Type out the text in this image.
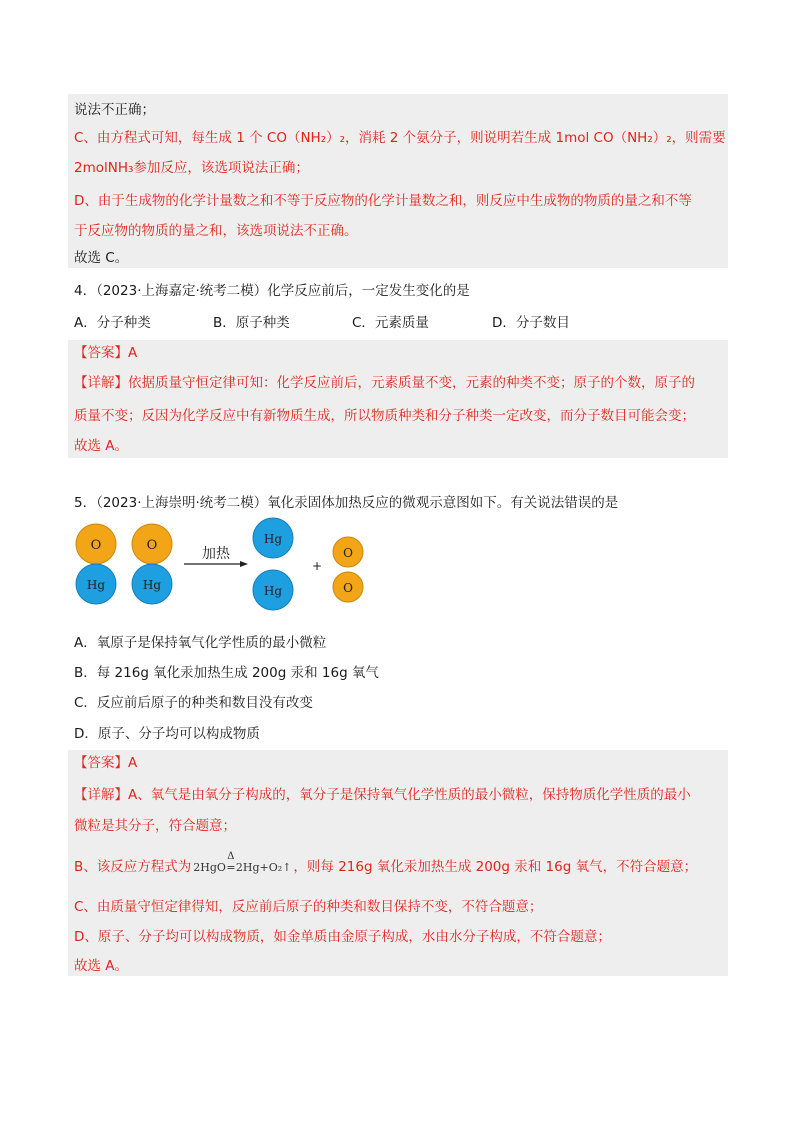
说法不正确；
C、由方程式可知，每生成 1 个 CO（NH₂）₂，消耗 2 个氨分子，则说明若生成 1mol CO（NH₂）₂，则需要
2molNH₃参加反应，该选项说法正确；
D、由于生成物的化学计量数之和不等于反应物的化学计量数之和，则反应中生成物的物质的量之和不等
于反应物的物质的量之和，该选项说法不正确。
故选 C。
4．（2023·上海嘉定·统考二模）化学反应前后，一定发生变化的是
A．分子种类	B．原子种类	C．元素质量	D．分子数目
【答案】A
【详解】依据质量守恒定律可知：化学反应前后，元素质量不变，元素的种类不变；原子的个数，原子的
质量不变；反因为化学反应中有新物质生成，所以物质种类和分子种类一定改变，而分子数目可能会变；
故选 A。
5．（2023·上海崇明·统考二模）氧化汞固体加热反应的微观示意图如下。有关说法错误的是
O
Hg
O
Hg
加热
Hg
Hg
+
O
O
A．氧原子是保持氧气化学性质的最小微粒
B．每 216g 氧化汞加热生成 200g 汞和 16g 氧气
C．反应前后原子的种类和数目没有改变
D．原子、分子均可以构成物质
【答案】A
【详解】A、氧气是由氧分子构成的，氧分子是保持氧气化学性质的最小微粒，保持物质化学性质的最小
微粒是其分子，符合题意；
B、该反应方程式为 2HgO
Δ
=2Hg+O₂↑ ，则每 216g 氧化汞加热生成 200g 汞和 16g 氧气，不符合题意；
C、由质量守恒定律得知，反应前后原子的种类和数目保持不变，不符合题意；
D、原子、分子均可以构成物质，如金单质由金原子构成，水由水分子构成，不符合题意；
故选 A。
